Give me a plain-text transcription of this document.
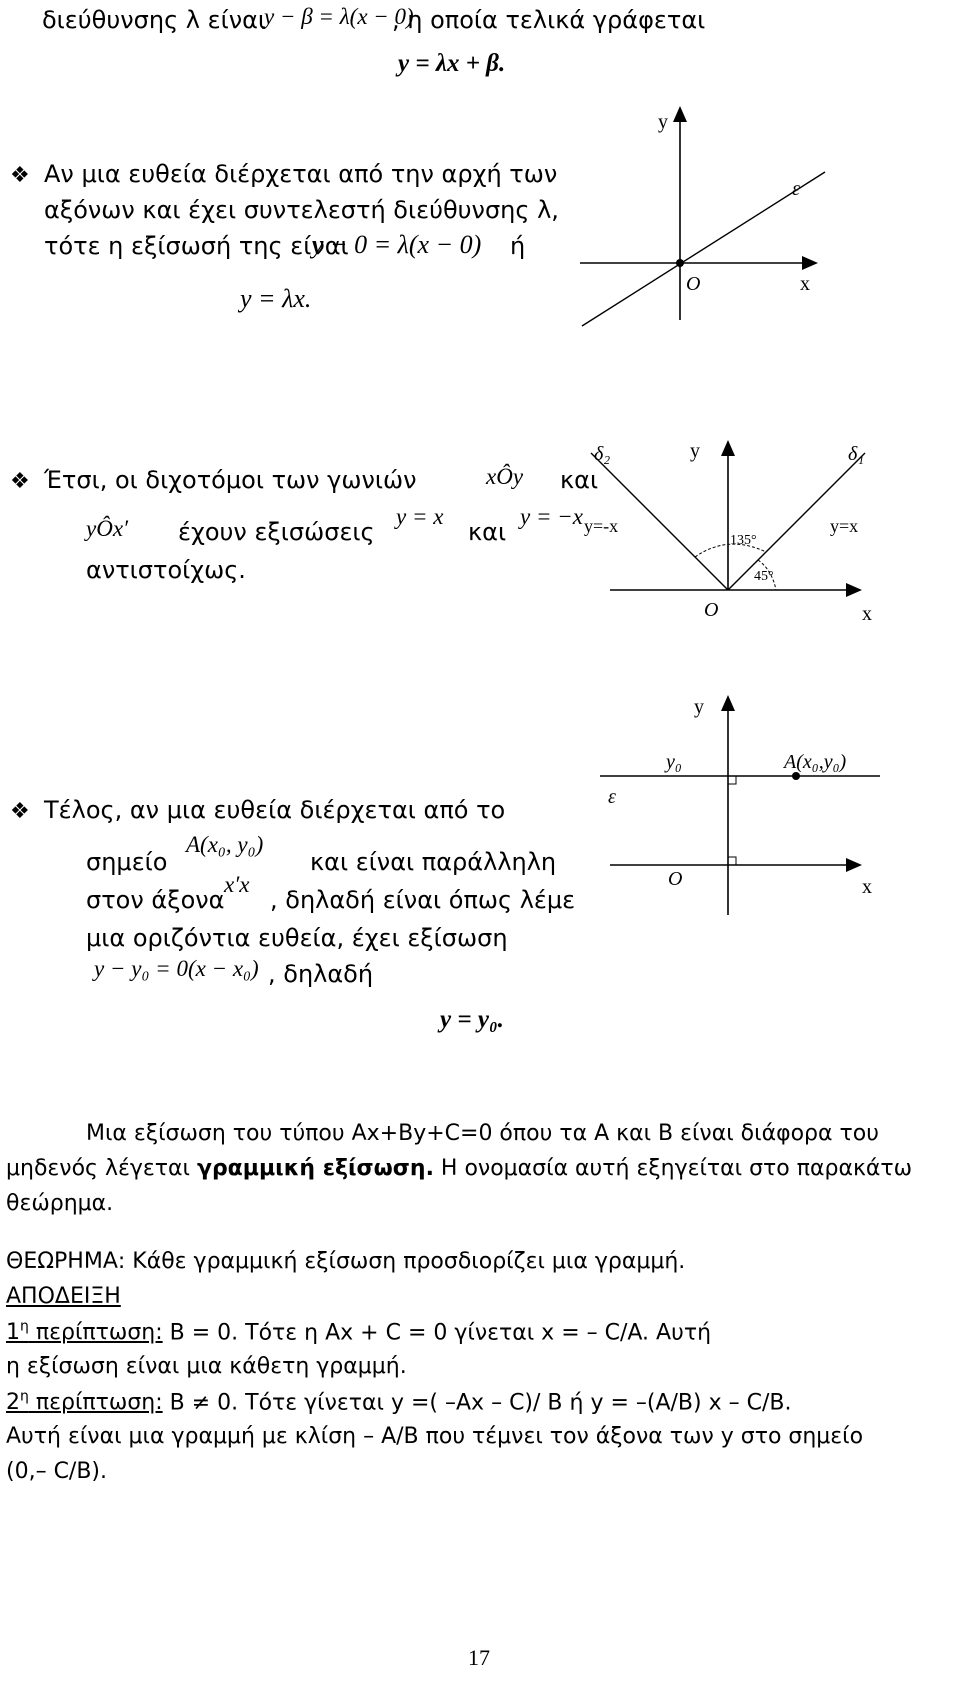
διεύθυνσης λ είναι
y − β = λ(x − 0)
, η οποία τελικά γράφεται
y = λx + β.
❖ Αν μια ευθεία διέρχεται από την αρχή των
αξόνων και έχει συντελεστή διεύθυνσης λ,
τότε η εξίσωσή της είναι
y − 0 = λ(x − 0) ή
y = λx.
y
x
O
ε
❖ Έτσι, οι διχοτόμοι των γωνιών	xÔy και
yÔx′ έχουν εξισώσεις
y = x
και
y = −x
αντιστοίχως.
δ₂	y	δ₁
y=-x	y=x
135°
45°
O	x
❖ Τέλος, αν μια ευθεία διέρχεται από το
σημείο
A(x₀, y₀)
και είναι παράλληλη
στον άξονα
x′x
, δηλαδή είναι όπως λέμε
μια οριζόντια ευθεία, έχει εξίσωση
y − y₀ = 0(x − x₀) , δηλαδή
y = y₀.
y
y₀	A(x₀,y₀)
ε
O	x
Μια εξίσωση του τύπου Αx+By+C=0 όπου τα A και B είναι διάφορα του
μηδενός λέγεται γραμμική εξίσωση. Η ονομασία αυτή εξηγείται στο παρακάτω
θεώρημα.
ΘΕΩΡΗΜΑ: Κάθε γραμμική εξίσωση προσδιορίζει μια γραμμή.
ΑΠΟΔΕΙΞΗ
$1^\eta$ περίπτωση: B = 0. Τότε η Ax + C = 0 γίνεται x = – C/A. Αυτή
η εξίσωση είναι μια κάθετη γραμμή.
$2^\eta$ περίπτωση: B ≠ 0. Τότε γίνεται y =( –Ax – C)/ B ή y = –(A/B) x – C/B.
Αυτή είναι μια γραμμή με κλίση – A/B που τέμνει τον άξονα των y στο σημείο
(0,– C/B).
17
